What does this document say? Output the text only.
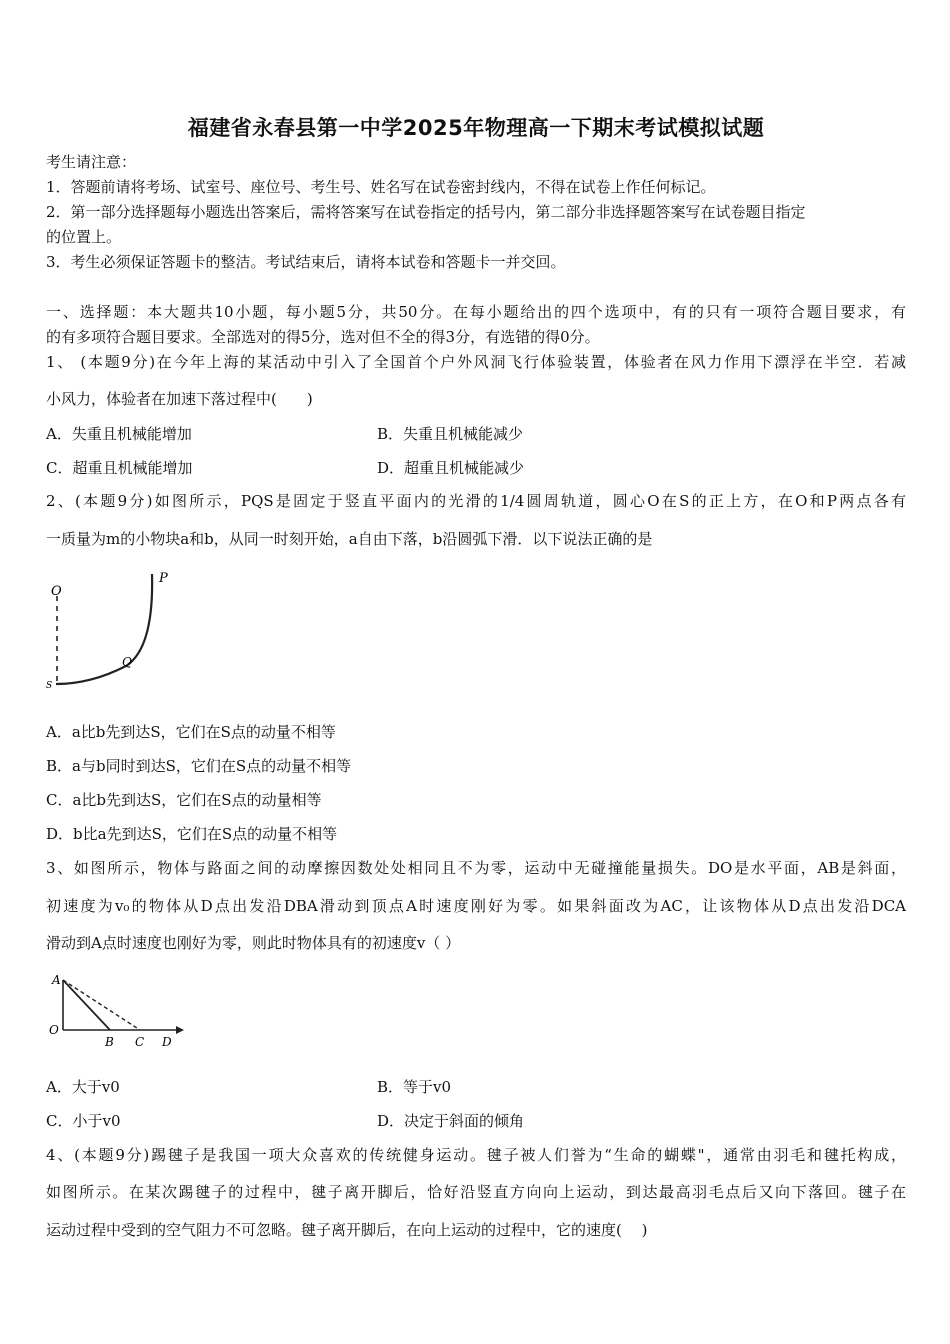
福建省永春县第一中学2025年物理高一下期末考试模拟试题
考生请注意：
1．答题前请将考场、试室号、座位号、考生号、姓名写在试卷密封线内，不得在试卷上作任何标记。
2．第一部分选择题每小题选出答案后，需将答案写在试卷指定的括号内，第二部分非选择题答案写在试卷题目指定
的位置上。
3．考生必须保证答题卡的整洁。考试结束后，请将本试卷和答题卡一并交回。
一、选择题：本大题共10小题，每小题5分，共50分。在每小题给出的四个选项中，有的只有一项符合题目要求，有
的有多项符合题目要求。全部选对的得5分，选对但不全的得3分，有选错的得0分。
1、 (本题9分)在今年上海的某活动中引入了全国首个户外风洞飞行体验装置，体验者在风力作用下漂浮在半空．若减
小风力，体验者在加速下落过程中(　　)
A．失重且机械能增加	B．失重且机械能减少
C．超重且机械能增加	D．超重且机械能减少
2、(本题9分)如图所示，PQS是固定于竖直平面内的光滑的1/4圆周轨道，圆心O在S的正上方，在O和P两点各有
一质量为m的小物块a和b，从同一时刻开始，a自由下落，b沿圆弧下滑．以下说法正确的是
O
P
Q
S
A．a比b先到达S，它们在S点的动量不相等
B．a与b同时到达S，它们在S点的动量不相等
C．a比b先到达S，它们在S点的动量相等
D．b比a先到达S，它们在S点的动量不相等
3、如图所示，物体与路面之间的动摩擦因数处处相同且不为零，运动中无碰撞能量损失。DO是水平面，AB是斜面，
初速度为v₀的物体从D点出发沿DBA滑动到顶点A时速度刚好为零。如果斜面改为AC，让该物体从D点出发沿DCA
滑动到A点时速度也刚好为零，则此时物体具有的初速度v（ ）
A
O
B C D
A．大于v0	B．等于v0
C．小于v0	D．决定于斜面的倾角
4、(本题9分)踢毽子是我国一项大众喜欢的传统健身运动。毽子被人们誉为“生命的蝴蝶"，通常由羽毛和毽托构成，
如图所示。在某次踢毽子的过程中，毽子离开脚后，恰好沿竖直方向向上运动，到达最高羽毛点后又向下落回。毽子在
运动过程中受到的空气阻力不可忽略。毽子离开脚后，在向上运动的过程中，它的速度(　 )
